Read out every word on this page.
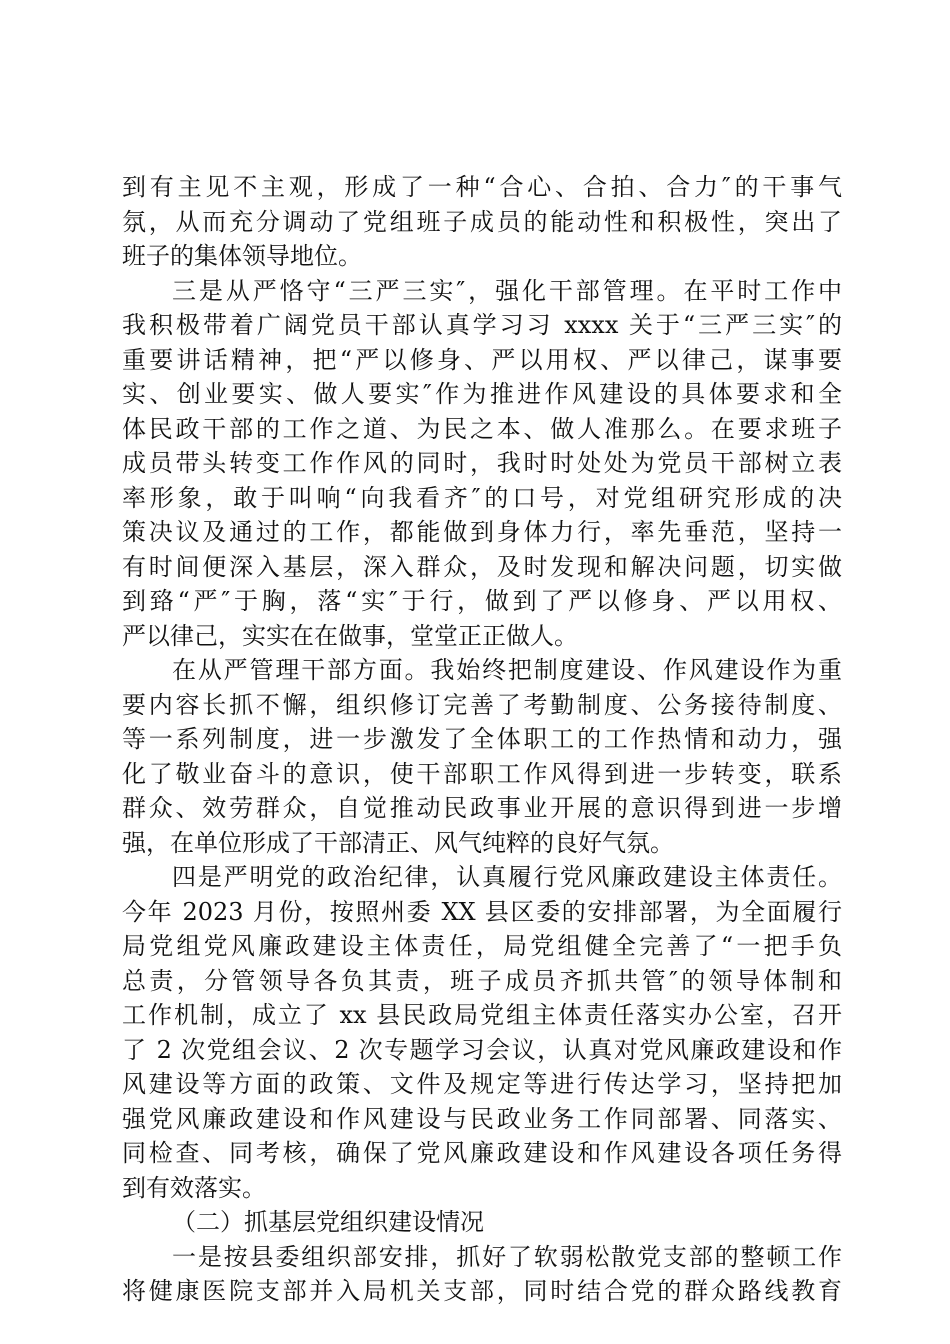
到有主见不主观，形成了一种“合心、合拍、合力″的干事气
氛，从而充分调动了党组班子成员的能动性和积极性，突出了
班子的集体领导地位。
三是从严恪守“三严三实″，强化干部管理。在平时工作中
我积极带着广阔党员干部认真学习习 xxxx 关于“三严三实″的
重要讲话精神，把“严以修身、严以用权、严以律己，谋事要
实、创业要实、做人要实″作为推进作风建设的具体要求和全
体民政干部的工作之道、为民之本、做人准那么。在要求班子
成员带头转变工作作风的同时，我时时处处为党员干部树立表
率形象，敢于叫响“向我看齐″的口号，对党组研究形成的决
策决议及通过的工作，都能做到身体力行，率先垂范，坚持一
有时间便深入基层，深入群众，及时发现和解决问题，切实做
到臵“严″于胸，落“实″于行，做到了严以修身、严以用权、
严以律己，实实在在做事，堂堂正正做人。
在从严管理干部方面。我始终把制度建设、作风建设作为重
要内容长抓不懈，组织修订完善了考勤制度、公务接待制度、
等一系列制度，进一步激发了全体职工的工作热情和动力，强
化了敬业奋斗的意识，使干部职工作风得到进一步转变，联系
群众、效劳群众，自觉推动民政事业开展的意识得到进一步增
强，在单位形成了干部清正、风气纯粹的良好气氛。
四是严明党的政治纪律，认真履行党风廉政建设主体责任。
今年 2023 月份，按照州委 XX 县区委的安排部署，为全面履行
局党组党风廉政建设主体责任，局党组健全完善了“一把手负
总责，分管领导各负其责，班子成员齐抓共管″的领导体制和
工作机制，成立了 xx 县民政局党组主体责任落实办公室，召开
了 2 次党组会议、2 次专题学习会议，认真对党风廉政建设和作
风建设等方面的政策、文件及规定等进行传达学习，坚持把加
强党风廉政建设和作风建设与民政业务工作同部署、同落实、
同检查、同考核，确保了党风廉政建设和作风建设各项任务得
到有效落实。
（二）抓基层党组织建设情况
一是按县委组织部安排，抓好了软弱松散党支部的整顿工作
将健康医院支部并入局机关支部，同时结合党的群众路线教育
